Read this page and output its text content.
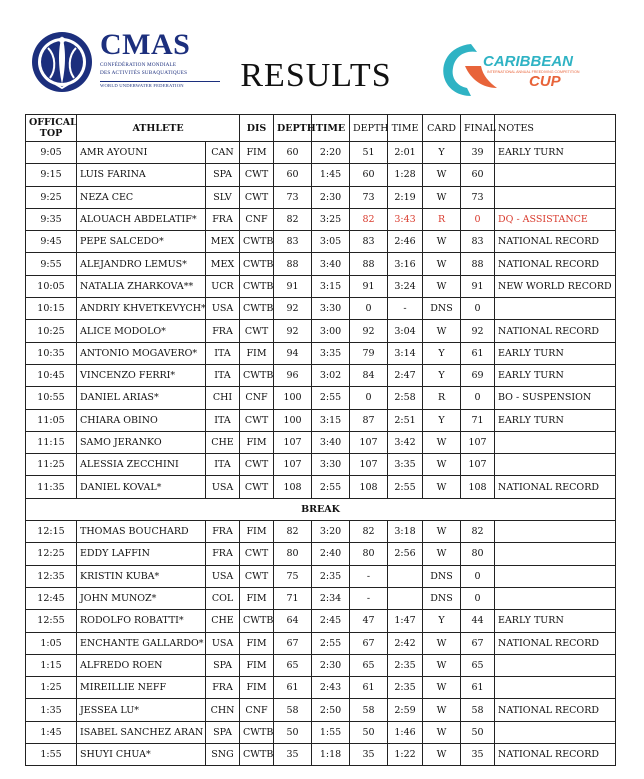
CMAS
CONFÉDÉRATION MONDIALE
DES ACTIVITÉS SUBAQUATIQUES
WORLD UNDERWATER FEDERATION	RESULTS	CARIBBEAN
INTERNATIONAL ANNUAL FREEDIVING COMPETITION
CUP
OFFICAL TOP	ATHLETE		DIS	DEPTH	TIME	DEPTH	TIME	CARD	FINAL	NOTES
9:05	AMR AYOUNI	CAN	FIM	60	2:20	51	2:01	Y	39	EARLY TURN
9:15	LUIS FARINA	SPA	CWT	60	1:45	60	1:28	W	60	
9:25	NEZA CEC	SLV	CWT	73	2:30	73	2:19	W	73	
9:35	ALOUACH ABDELATIF*	FRA	CNF	82	3:25	82	3:43	R	0	DQ - ASSISTANCE
9:45	PEPE SALCEDO*	MEX	CWTB	83	3:05	83	2:46	W	83	NATIONAL RECORD
9:55	ALEJANDRO LEMUS*	MEX	CWTB	88	3:40	88	3:16	W	88	NATIONAL RECORD
10:05	NATALIA ZHARKOVA**	UCR	CWTB	91	3:15	91	3:24	W	91	NEW WORLD RECORD
10:15	ANDRIY KHVETKEVYCH*	USA	CWTB	92	3:30	0	-	DNS	0	
10:25	ALICE MODOLO*	FRA	CWT	92	3:00	92	3:04	W	92	NATIONAL RECORD
10:35	ANTONIO MOGAVERO*	ITA	FIM	94	3:35	79	3:14	Y	61	EARLY TURN
10:45	VINCENZO FERRI*	ITA	CWTB	96	3:02	84	2:47	Y	69	EARLY TURN
10:55	DANIEL ARIAS*	CHI	CNF	100	2:55	0	2:58	R	0	BO - SUSPENSION
11:05	CHIARA OBINO	ITA	CWT	100	3:15	87	2:51	Y	71	EARLY TURN
11:15	SAMO JERANKO	CHE	FIM	107	3:40	107	3:42	W	107	
11:25	ALESSIA ZECCHINI	ITA	CWT	107	3:30	107	3:35	W	107	
11:35	DANIEL KOVAL*	USA	CWT	108	2:55	108	2:55	W	108	NATIONAL RECORD
BREAK										
12:15	THOMAS BOUCHARD	FRA	FIM	82	3:20	82	3:18	W	82	
12:25	EDDY LAFFIN	FRA	CWT	80	2:40	80	2:56	W	80	
12:35	KRISTIN KUBA*	USA	CWT	75	2:35	-		DNS	0	
12:45	JOHN MUNOZ*	COL	FIM	71	2:34	-		DNS	0	
12:55	RODOLFO ROBATTI*	CHE	CWTB	64	2:45	47	1:47	Y	44	EARLY TURN
1:05	ENCHANTE GALLARDO*	USA	FIM	67	2:55	67	2:42	W	67	NATIONAL RECORD
1:15	ALFREDO ROEN	SPA	FIM	65	2:30	65	2:35	W	65	
1:25	MIREILLIE NEFF	FRA	FIM	61	2:43	61	2:35	W	61	
1:35	JESSEA LU*	CHN	CNF	58	2:50	58	2:59	W	58	NATIONAL RECORD
1:45	ISABEL SANCHEZ ARAN	SPA	CWTB	50	1:55	50	1:46	W	50	
1:55	SHUYI CHUA*	SNG	CWTB	35	1:18	35	1:22	W	35	NATIONAL RECORD
